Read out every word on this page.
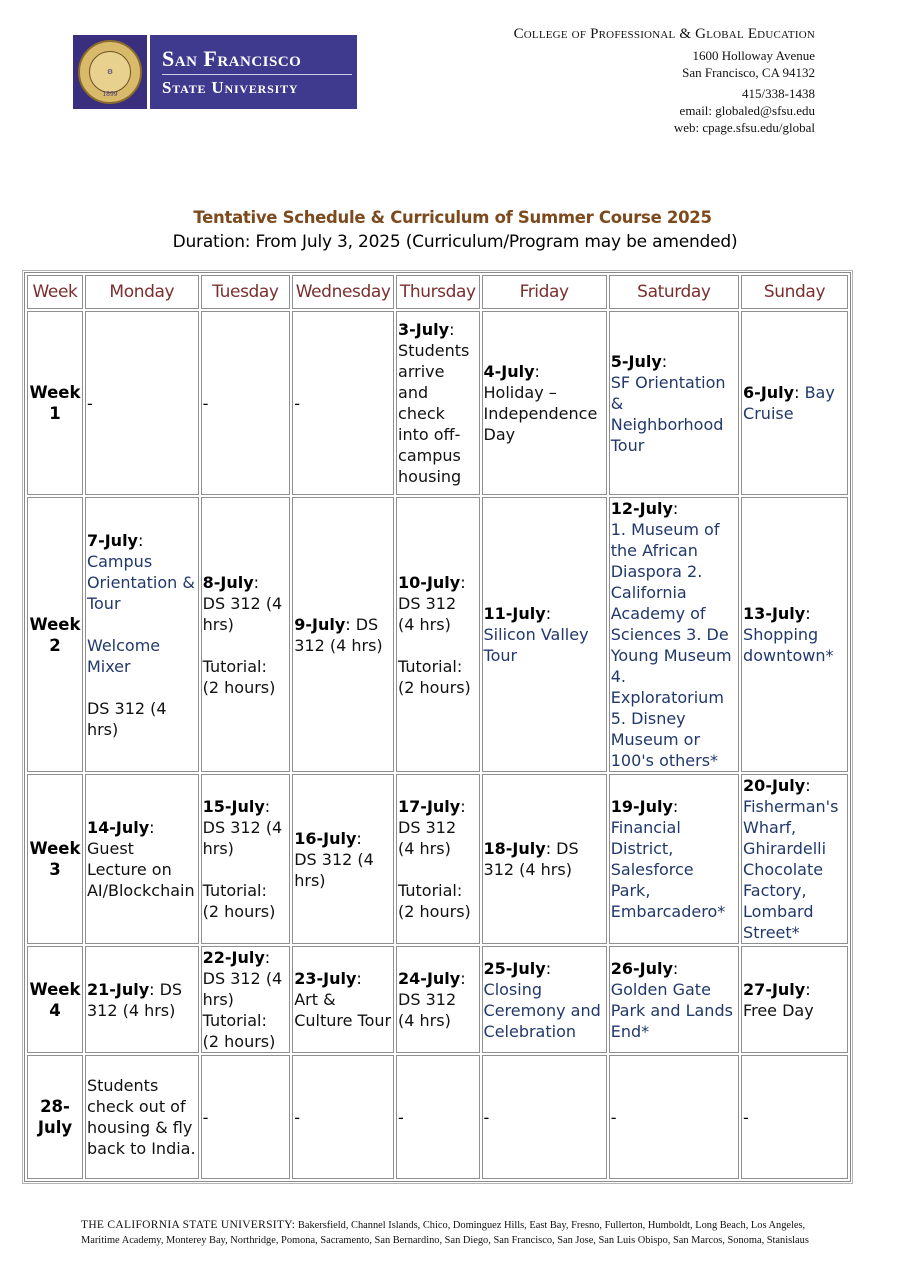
⚙
1899
San Francisco
State University
College of Professional & Global Education
1600 Holloway Avenue
San Francisco, CA 94132
415/338-1438
email: globaled@sfsu.edu
web: cpage.sfsu.edu/global
Tentative Schedule & Curriculum of Summer Course 2025
Duration: From July 3, 2025 (Curriculum/Program may be amended)
Week	Monday	Tuesday	Wednesday	Thursday	Friday	Saturday	Sunday
Week
1	-	-	-	3-July:
Students arrive and check into off-campus housing	4-July:
Holiday – Independence Day	5-July:
SF Orientation & Neighborhood Tour	6-July: Bay Cruise
Week
2	7-July:
Campus Orientation & Tour

Welcome Mixer

DS 312 (4 hrs)	8-July:
DS 312 (4 hrs)

Tutorial: (2 hours)	9-July: DS 312 (4 hrs)	10-July:
DS 312 (4 hrs)

Tutorial: (2 hours)	11-July:
Silicon Valley Tour	12-July:
1. Museum of the African Diaspora 2. California Academy of Sciences 3. De Young Museum 4. Exploratorium 5. Disney Museum or 100's others*	13-July:
Shopping downtown*
Week
3	14-July:
Guest Lecture on AI/Blockchain	15-July:
DS 312 (4 hrs)

Tutorial: (2 hours)	16-July:
DS 312 (4 hrs)	17-July:
DS 312 (4 hrs)

Tutorial: (2 hours)	18-July: DS 312 (4 hrs)	19-July:
Financial District, Salesforce Park, Embarcadero*	20-July:
Fisherman's Wharf, Ghirardelli Chocolate Factory, Lombard Street*
Week
4	21-July: DS 312 (4 hrs)	22-July:
DS 312 (4 hrs)
Tutorial: (2 hours)	23-July:
Art & Culture Tour	24-July:
DS 312 (4 hrs)	25-July:
Closing Ceremony and Celebration	26-July:
Golden Gate Park and Lands End*	27-July:
Free Day
28-
July	Students check out of housing & fly back to India.	-	-	-	-	-	-
THE CALIFORNIA STATE UNIVERSITY: Bakersfield, Channel Islands, Chico, Dominguez Hills, East Bay, Fresno, Fullerton, Humboldt, Long Beach, Los Angeles,
Maritime Academy, Monterey Bay, Northridge, Pomona, Sacramento, San Bernardino, San Diego, San Francisco, San Jose, San Luis Obispo, San Marcos, Sonoma, Stanislaus
